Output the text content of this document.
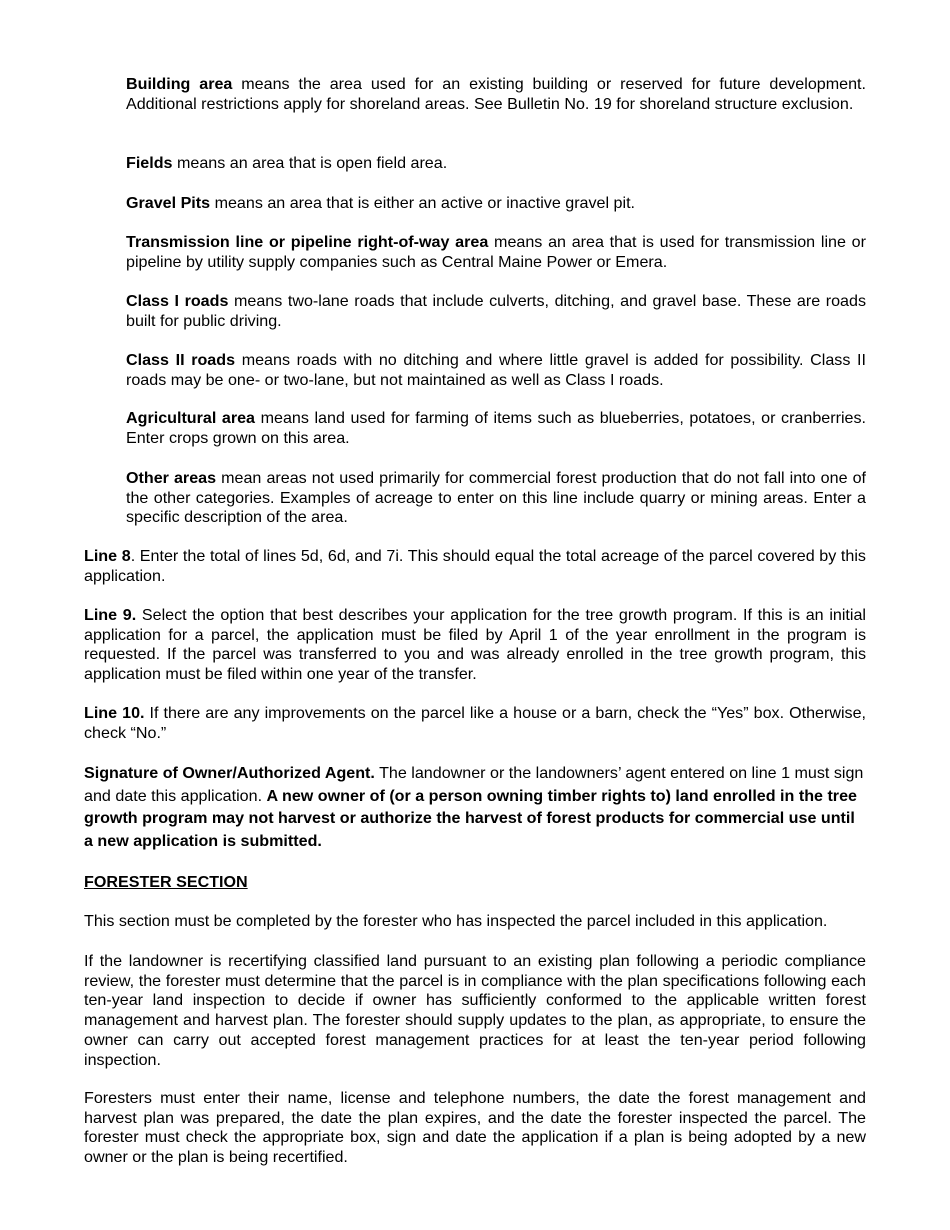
Building area means the area used for an existing building or reserved for future development. Additional restrictions apply for shoreland areas. See Bulletin No. 19 for shoreland structure exclusion.

Fields means an area that is open field area.

Gravel Pits means an area that is either an active or inactive gravel pit.

Transmission line or pipeline right-of-way area means an area that is used for transmission line or pipeline by utility supply companies such as Central Maine Power or Emera.

Class I roads means two-lane roads that include culverts, ditching, and gravel base. These are roads built for public driving.

Class II roads means roads with no ditching and where little gravel is added for possibility. Class II roads may be one- or two-lane, but not maintained as well as Class I roads.

Agricultural area means land used for farming of items such as blueberries, potatoes, or cranberries. Enter crops grown on this area.

Other areas mean areas not used primarily for commercial forest production that do not fall into one of the other categories. Examples of acreage to enter on this line include quarry or mining areas. Enter a specific description of the area.

Line 8. Enter the total of lines 5d, 6d, and 7i. This should equal the total acreage of the parcel covered by this application.

Line 9. Select the option that best describes your application for the tree growth program. If this is an initial application for a parcel, the application must be filed by April 1 of the year enrollment in the program is requested. If the parcel was transferred to you and was already enrolled in the tree growth program, this application must be filed within one year of the transfer.

Line 10. If there are any improvements on the parcel like a house or a barn, check the “Yes” box. Otherwise, check “No.”

Signature of Owner/Authorized Agent. The landowner or the landowners’ agent entered on line 1 must sign and date this application. A new owner of (or a person owning timber rights to) land enrolled in the tree growth program may not harvest or authorize the harvest of forest products for commercial use until a new application is submitted.

FORESTER SECTION

This section must be completed by the forester who has inspected the parcel included in this application.

If the landowner is recertifying classified land pursuant to an existing plan following a periodic compliance review, the forester must determine that the parcel is in compliance with the plan specifications following each ten-year land inspection to decide if owner has sufficiently conformed to the applicable written forest management and harvest plan. The forester should supply updates to the plan, as appropriate, to ensure the owner can carry out accepted forest management practices for at least the ten-year period following inspection.

Foresters must enter their name, license and telephone numbers, the date the forest management and harvest plan was prepared, the date the plan expires, and the date the forester inspected the parcel. The forester must check the appropriate box, sign and date the application if a plan is being adopted by a new owner or the plan is being recertified.
